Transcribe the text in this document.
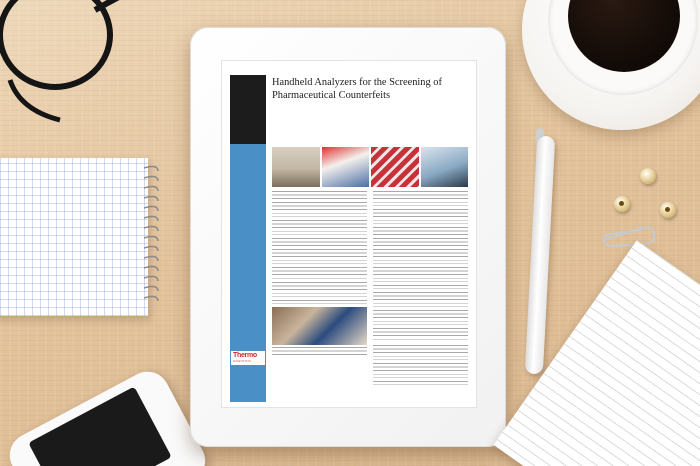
Handheld Analyzers for the Screening of Pharmaceutical Counterfeits
Thermo
SCIENTIFIC
